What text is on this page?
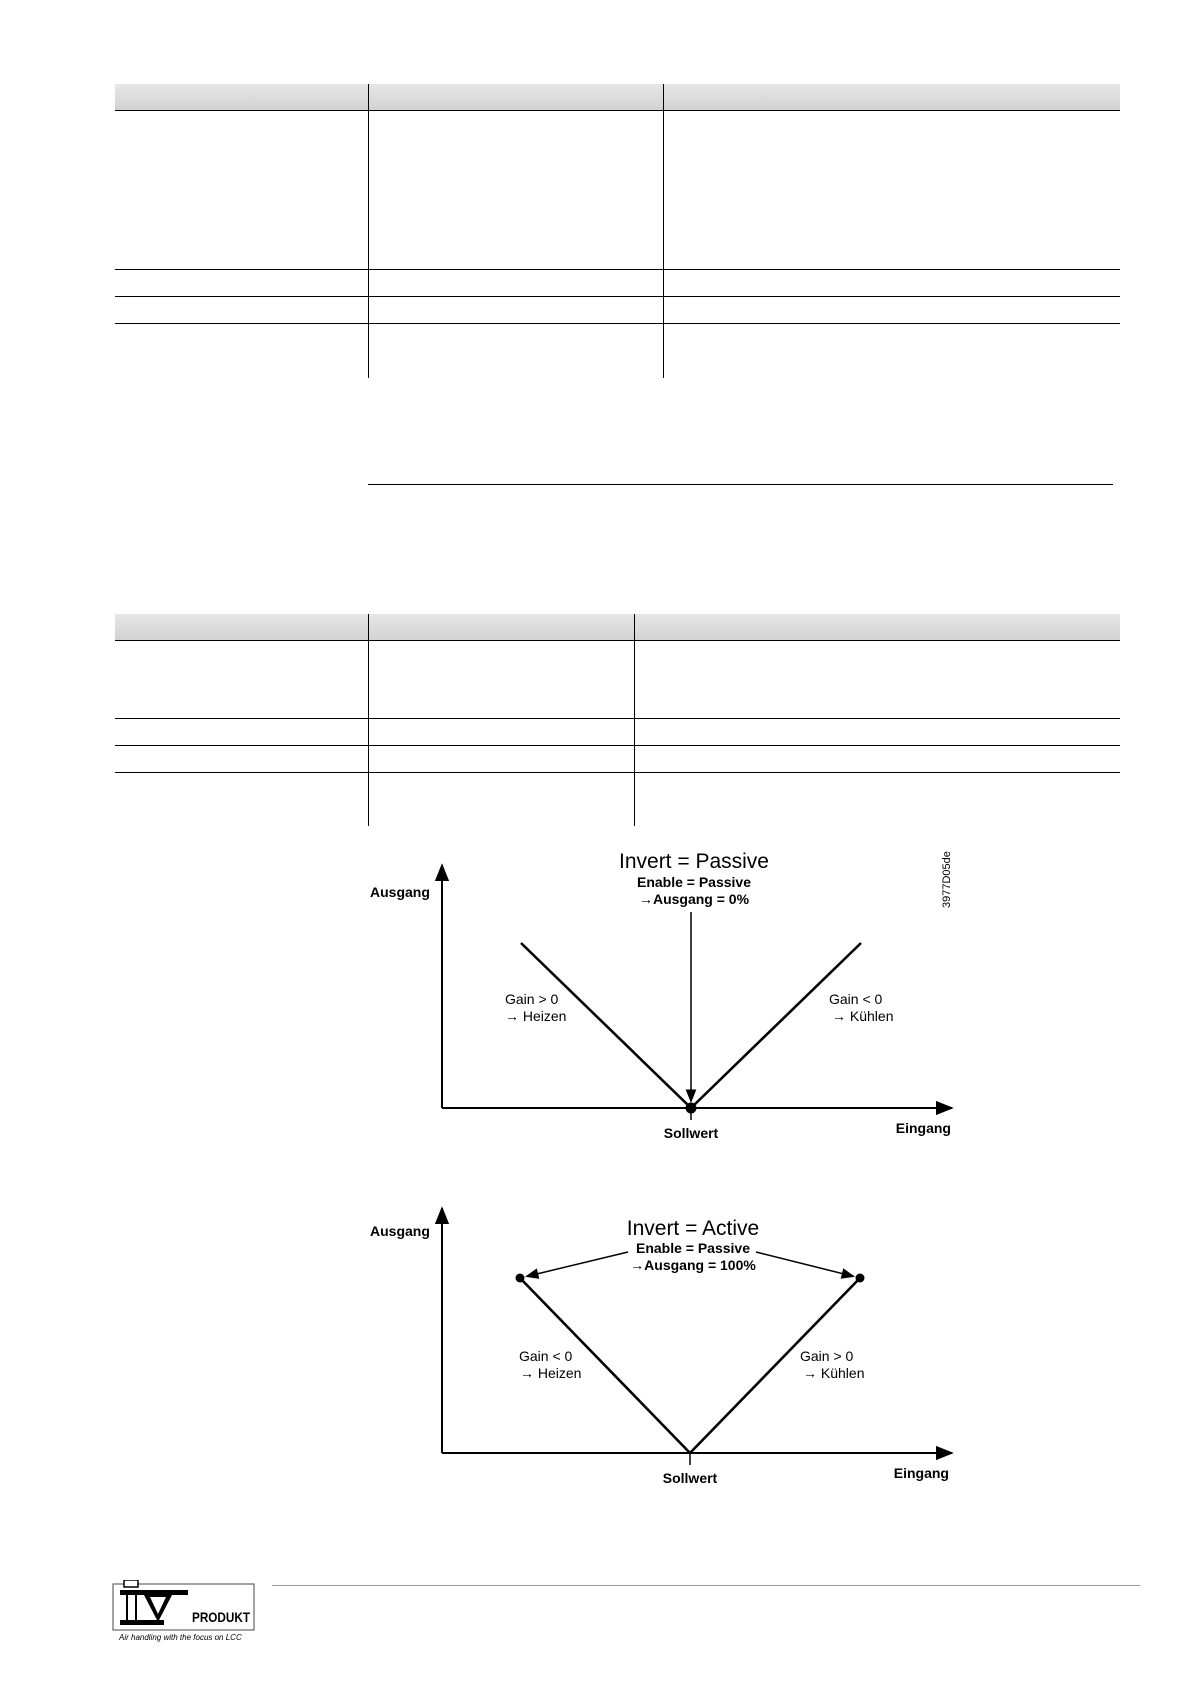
Invert = Passive
Enable = Passive
→Ausgang = 0%
Ausgang
Eingang
Sollwert
Gain > 0
→ Heizen
Gain < 0
→ Kühlen
3977D05de
Invert = Active
Enable = Passive
→Ausgang = 100%
Ausgang
Eingang
Sollwert
Gain < 0
→ Heizen
Gain > 0
→ Kühlen
PRODUKT
Air handling with the focus on LCC
